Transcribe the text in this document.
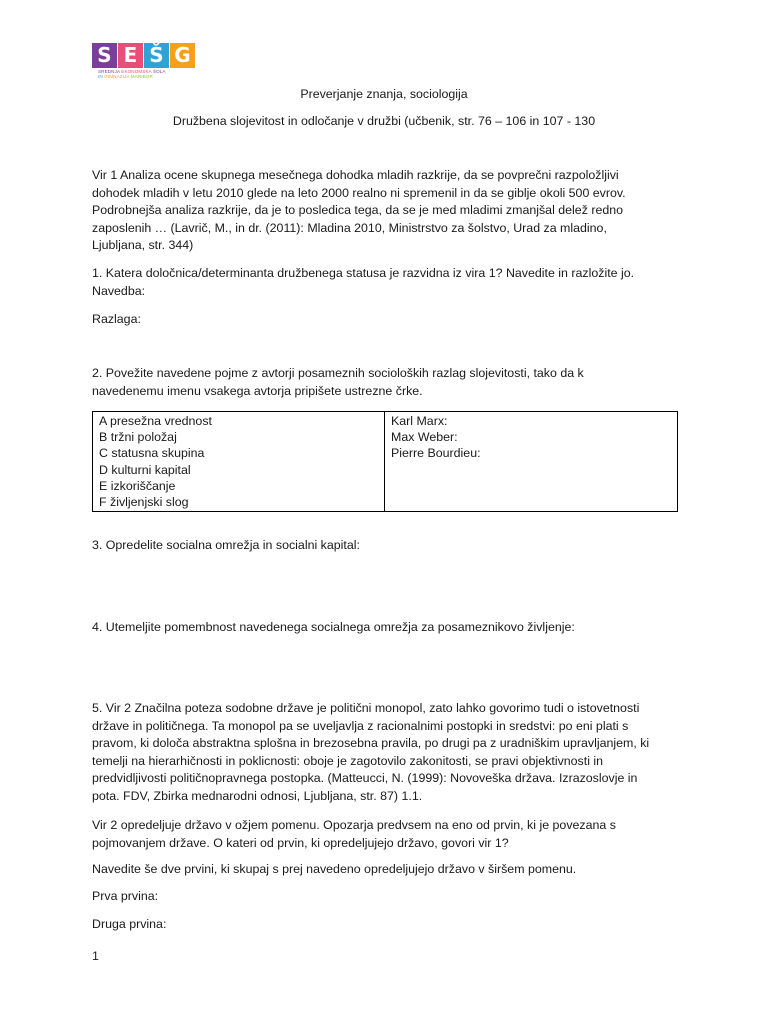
S E Š G
SREDNJA EKONOMSKA ŠOLA
IN GIMNAZIJA MARIBOR

Preverjanje znanja, sociologija

Družbena slojevitost in odločanje v družbi (učbenik, str. 76 – 106 in 107 - 130

Vir 1 Analiza ocene skupnega mesečnega dohodka mladih razkrije, da se povprečni razpoložljivi

dohodek mladih v letu 2010 glede na leto 2000 realno ni spremenil in da se giblje okoli 500 evrov.

Podrobnejša analiza razkrije, da je to posledica tega, da se je med mladimi zmanjšal delež redno

zaposlenih … (Lavrič, M., in dr. (2011): Mladina 2010, Ministrstvo za šolstvo, Urad za mladino,

Ljubljana, str. 344)

1. Katera določnica/determinanta družbenega statusa je razvidna iz vira 1? Navedite in razložite jo.

Navedba:

Razlaga:

2. Povežite navedene pojme z avtorji posameznih socioloških razlag slojevitosti, tako da k

navedenemu imenu vsakega avtorja pripišete ustrezne črke.

A presežna vrednost
B tržni položaj
C statusna skupina
D kulturni kapital
E izkoriščanje
F življenjski slog
Karl Marx:
Max Weber:
Pierre Bourdieu:

3. Opredelite socialna omrežja in socialni kapital:

4. Utemeljite pomembnost navedenega socialnega omrežja za posameznikovo življenje:

5. Vir 2 Značilna poteza sodobne države je politični monopol, zato lahko govorimo tudi o istovetnosti

države in političnega. Ta monopol pa se uveljavlja z racionalnimi postopki in sredstvi: po eni plati s

pravom, ki določa abstraktna splošna in brezosebna pravila, po drugi pa z uradniškim upravljanjem, ki

temelji na hierarhičnosti in poklicnosti: oboje je zagotovilo zakonitosti, se pravi objektivnosti in

predvidljivosti političnopravnega postopka. (Matteucci, N. (1999): Novoveška država. Izrazoslovje in

pota. FDV, Zbirka mednarodni odnosi, Ljubljana, str. 87) 1.1.

Vir 2 opredeljuje državo v ožjem pomenu. Opozarja predvsem na eno od prvin, ki je povezana s

pojmovanjem države. O kateri od prvin, ki opredeljujejo državo, govori vir 1?

Navedite še dve prvini, ki skupaj s prej navedeno opredeljujejo državo v širšem pomenu.

Prva prvina:

Druga prvina:

1
